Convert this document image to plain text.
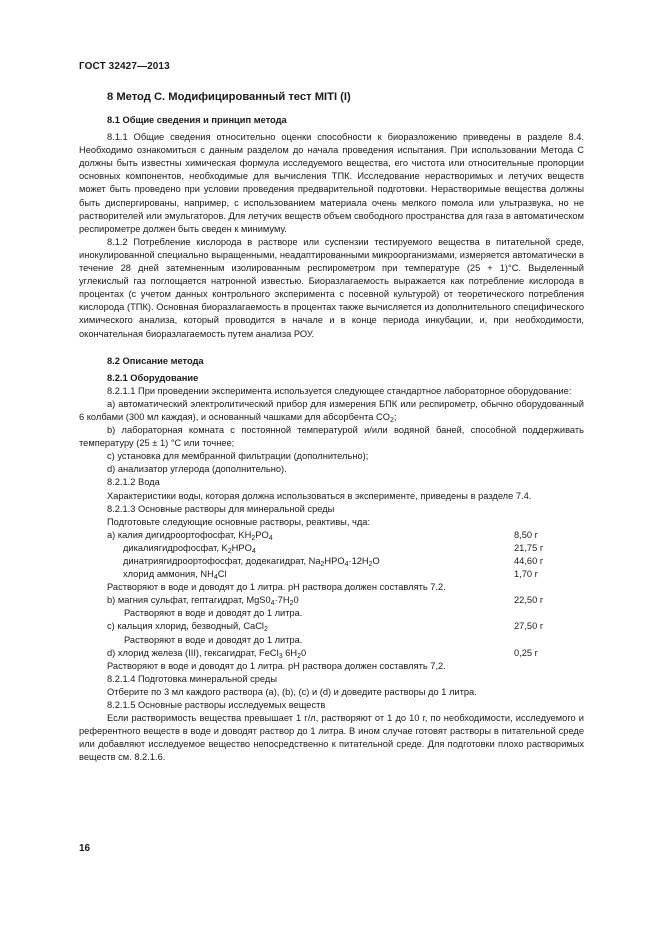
ГОСТ 32427—2013
8 Метод С. Модифицированный тест MITI (I)
8.1 Общие сведения и принцип метода

8.1.1 Общие сведения относительно оценки способности к биоразложению приведены в разделе 8.4. Необходимо ознакомиться с данным разделом до начала проведения испытания. При использовании Метода С должны быть известны химическая формула исследуемого вещества, его чистота или относительные пропорции основных компонентов, необходимые для вычисления ТПК. Исследование нерастворимых и летучих веществ может быть проведено при условии проведения предварительной подготовки. Нерастворимые вещества должны быть диспергированы, например, с использованием материала очень мелкого помола или ультразвука, но не растворителей или эмульгаторов. Для летучих веществ объем свободного пространства для газа в автоматическом респирометре должен быть сведен к минимуму.

8.1.2 Потребление кислорода в растворе или суспензии тестируемого вещества в питательной среде, инокулированной специально выращенными, неадаптированными микроорганизмами, измеряется автоматически в течение 28 дней затемненным изолированным респирометром при температуре (25 + 1)°С. Выделенный углекислый газ поглощается натронной известью. Биоразлагаемость выражается как потребление кислорода в процентах (с учетом данных контрольного эксперимента с посевной культурой) от теоретического потребления кислорода (ТПК). Основная биоразлагаемость в процентах также вычисляется из дополнительного специфического химического анализа, который проводится в начале и в конце периода инкубации, и, при необходимости, окончательная биоразлагаемость путем анализа РОУ.

8.2 Описание метода
8.2.1 Оборудование

8.2.1.1 При проведении эксперимента используется следующее стандартное лабораторное оборудование:

а) автоматический электролитический прибор для измерения БПК или респирометр, обычно оборудованный 6 колбами (300 мл каждая), и основанный чашками для абсорбента $CO_2$;

b) лабораторная комната с постоянной температурой и/или водяной баней, способной поддерживать температуру (25 ± 1) °С или точнее;

c) установка для мембранной фильтрации (дополнительно);

d) анализатор углерода (дополнительно).

8.2.1.2 Вода
Характеристики воды, которая должна использоваться в эксперименте, приведены в разделе 7.4.
8.2.1.3 Основные растворы для минеральной среды
Подготовьте следующие основные растворы, реактивы, чда:
а) калия дигидроортофосфат, $KH_2PO_4$	8,50 г
дикалиягидрофосфат, $K_2HPO_4$	21,75 г
динатриягидроортофосфат, додекагидрат, $Na_2HPO_4\cdot 12H_2O$	44,60 г
хлорид аммония, $NH_4Cl$	1,70 г
Растворяют в воде и доводят до 1 литра. pH раствора должен составлять 7.2.
b) магния сульфат, гептагидрат, $MgS0_4\cdot 7H_20$	22,50 г
Растворяют в воде и доводят до 1 литра.
c) кальция хлорид, безводный, CaCl$_2$	27,50 г
Растворяют в воде и доводят до 1 литра.
d) хлорид железа (III), гексагидрат, FeCl$_3$ $6H_20$	0,25 г
Растворяют в воде и доводят до 1 литра. pH раствора должен составлять 7,2.
8.2.1.4 Подготовка минеральной среды
Отберите по 3 мл каждого раствора (а), (b), (с) и (d) и доведите растворы до 1 литра.
8.2.1.5 Основные растворы исследуемых веществ

Если растворимость вещества превышает 1 г/л, растворяют от 1 до 10 г, по необходимости, исследуемого и референтного веществ в воде и доводят раствор до 1 литра. В ином случае готовят растворы в питательной среде или добавляют исследуемое вещество непосредственно к питательной среде. Для подготовки плохо растворимых веществ см. 8.2.1.6.

16
